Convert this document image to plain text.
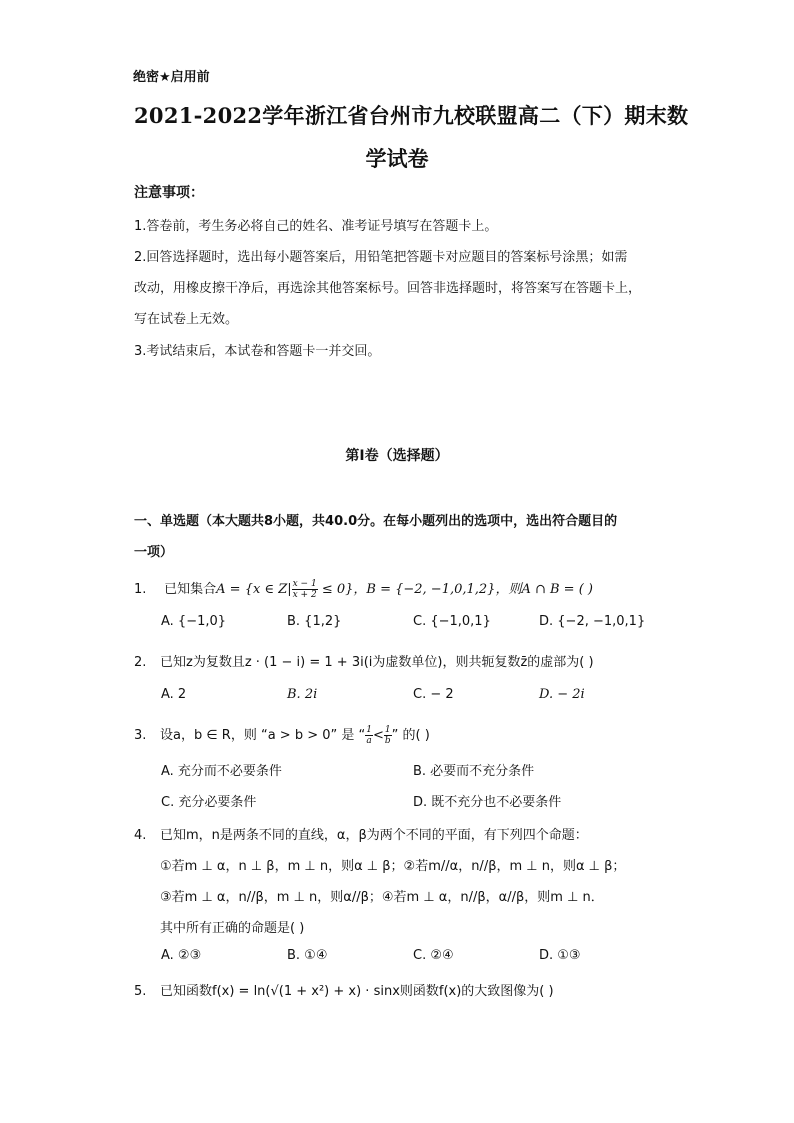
绝密★启用前
2021-2022学年浙江省台州市九校联盟高二（下）期末数
学试卷
注意事项：
1.答卷前，考生务必将自己的姓名、准考证号填写在答题卡上。
2.回答选择题时，选出每小题答案后，用铅笔把答题卡对应题目的答案标号涂黑；如需
改动，用橡皮擦干净后，再选涂其他答案标号。回答非选择题时，将答案写在答题卡上，
写在试卷上无效。
3.考试结束后，本试卷和答题卡一并交回。
第I卷（选择题）
一、单选题（本大题共8小题，共40.0分。在每小题列出的选项中，选出符合题目的
一项）
1. 已知集合A = {x ∈ $Z| \frac{x - 1}{x + 2} \le 0$}，B = {−2, −1,0,1,2}，则A ∩ B = ( )
A. {−1,0}	B. {1,2}	C. {−1,0,1}	D. {−2, −1,0,1}
2. 已知z为复数且z · (1 − i) = 1 + 3i(i为虚数单位)，则共轭复数z̄的虚部为( )
A. 2	B. 2i	C. − 2	D. − 2i
3. 设a，b ∈ R，则 “a > b > 0” 是 “ $\frac{1}{a} < \frac{1}{b}$ ” 的( )
A. 充分而不必要条件	B. 必要而不充分条件
C. 充分必要条件	D. 既不充分也不必要条件
4. 已知m，n是两条不同的直线，α，β为两个不同的平面，有下列四个命题：
①若m ⊥ α，n ⊥ β，m ⊥ n，则α ⊥ β；②若m//α，n//β，m ⊥ n，则α ⊥ β；
③若m ⊥ α，n//β，m ⊥ n，则α//β；④若m ⊥ α，n//β，α//β，则m ⊥ n．
其中所有正确的命题是( )
A. ②③	B. ①④	C. ②④	D. ①③
5. 已知函数f(x) = ln(√(1 + x²) + x) · sinx则函数f(x)的大致图像为( )
